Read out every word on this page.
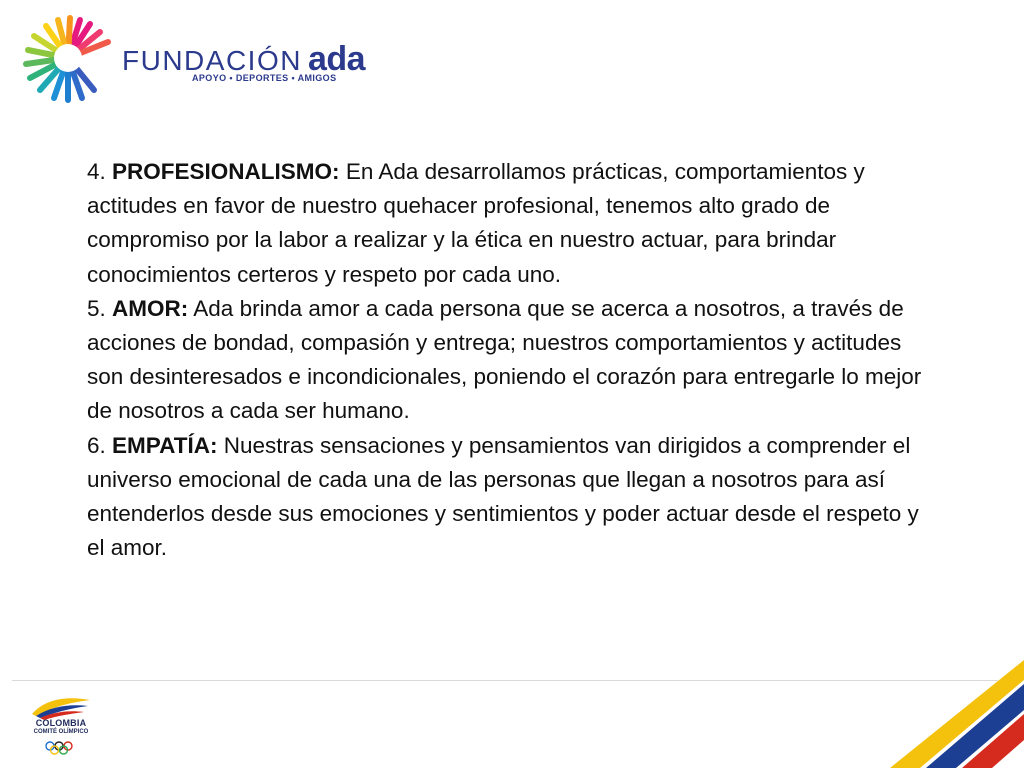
FUNDACIÓN ada
APOYO • DEPORTES • AMIGOS

4. PROFESIONALISMO: En Ada desarrollamos prácticas, comportamientos y actitudes en favor de nuestro quehacer profesional, tenemos alto grado de compromiso por la labor a realizar y la ética en nuestro actuar, para brindar conocimientos certeros y respeto por cada uno.

5. AMOR: Ada brinda amor a cada persona que se acerca a nosotros, a través de acciones de bondad, compasión y entrega; nuestros comportamientos y actitudes son desinteresados e incondicionales, poniendo el corazón para entregarle lo mejor de nosotros a cada ser humano.

6. EMPATÍA: Nuestras sensaciones y pensamientos van dirigidos a comprender el universo emocional de cada una de las personas que llegan a nosotros para así entenderlos desde sus emociones y sentimientos y poder actuar desde el respeto y el amor.

COLOMBIA
COMITÉ OLÍMPICO
